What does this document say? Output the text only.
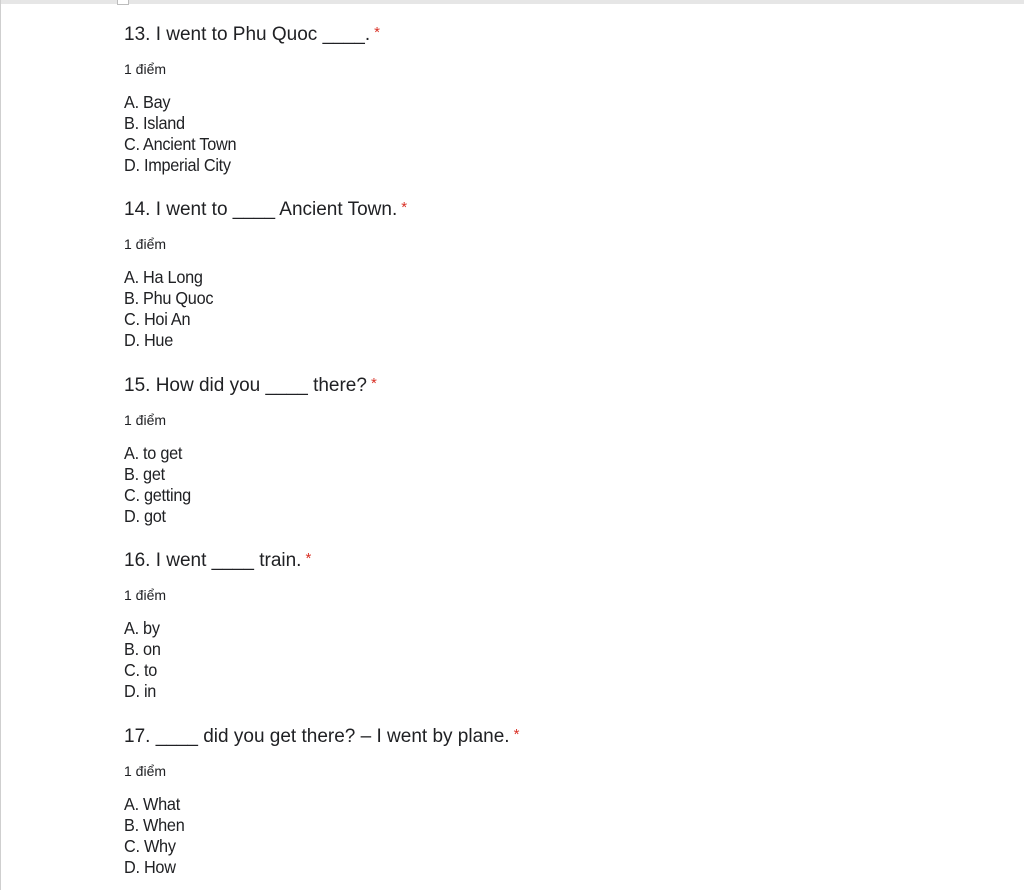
13. I went to Phu Quoc ____. *
1 điểm
A. Bay
B. Island
C. Ancient Town
D. Imperial City
14. I went to ____ Ancient Town. *
1 điểm
A. Ha Long
B. Phu Quoc
C. Hoi An
D. Hue
15. How did you ____ there? *
1 điểm
A. to get
B. get
C. getting
D. got
16. I went ____ train. *
1 điểm
A. by
B. on
C. to
D. in
17. ____ did you get there? – I went by plane. *
1 điểm
A. What
B. When
C. Why
D. How
